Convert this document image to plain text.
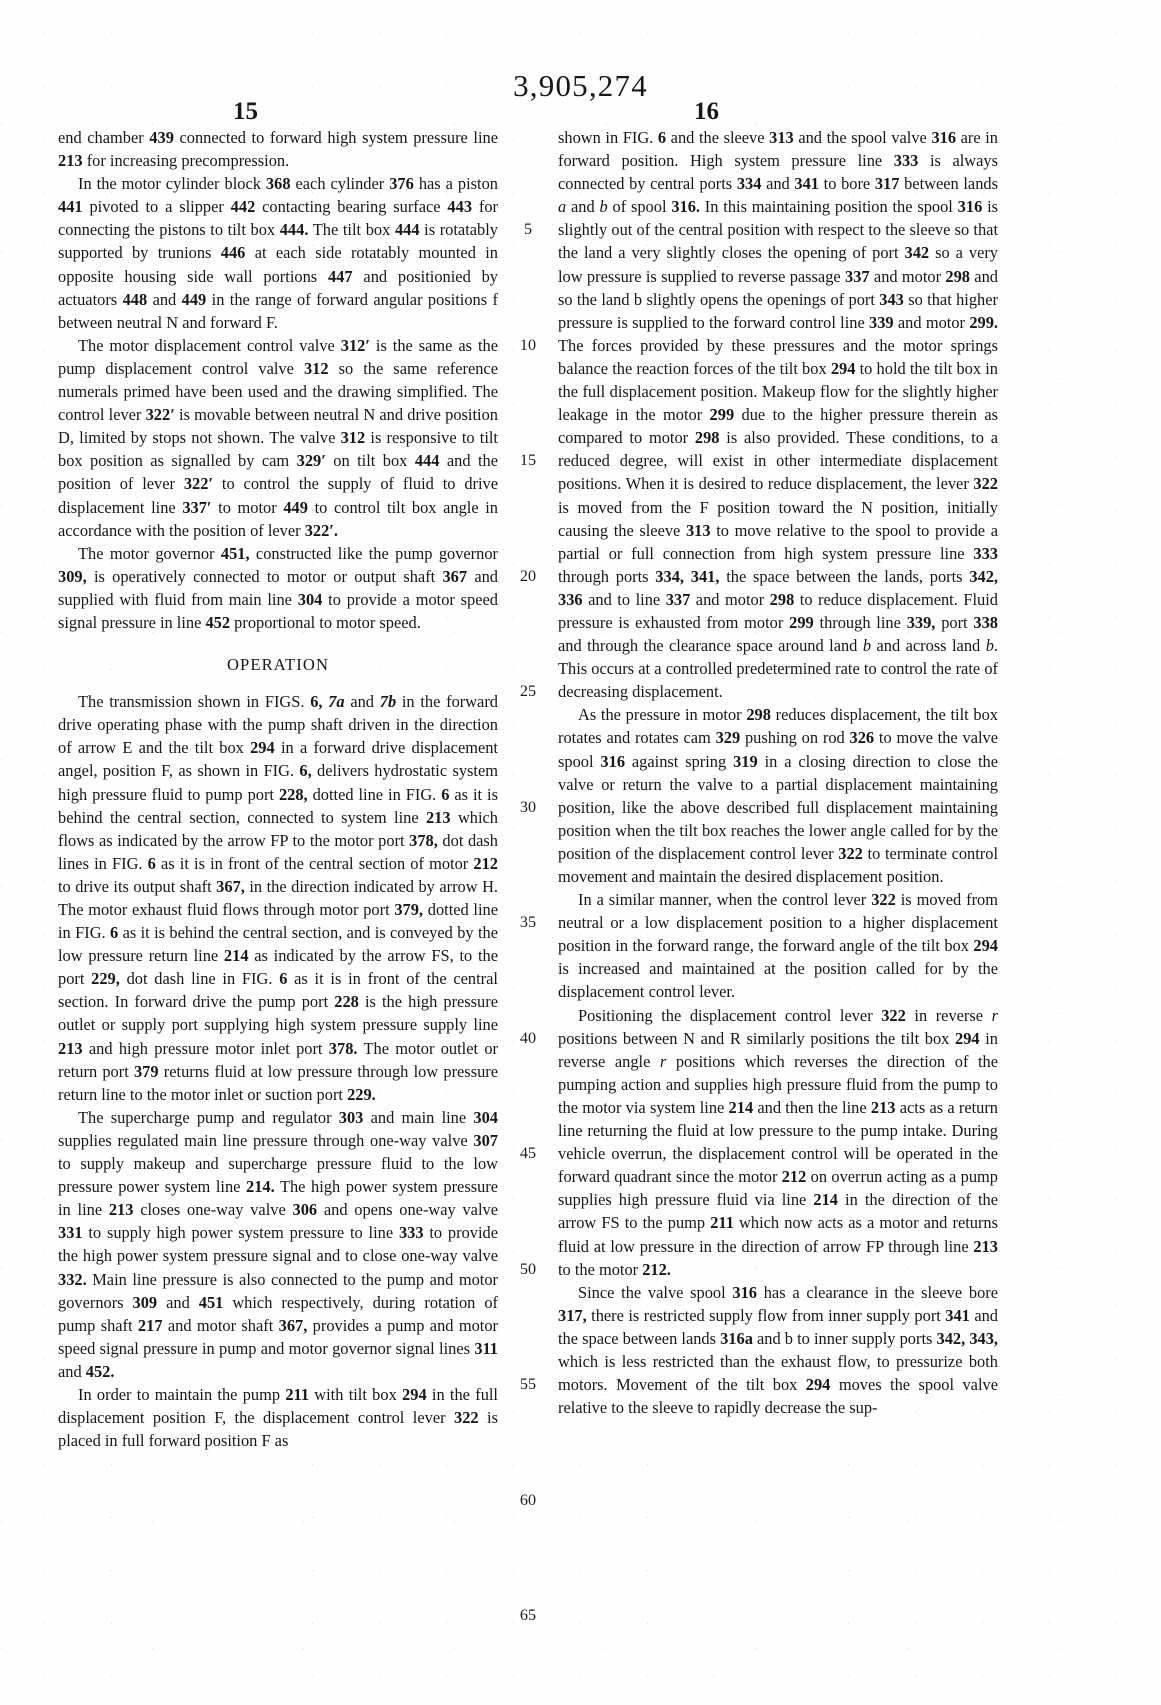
3,905,274
15	16

end chamber 439 connected to forward high system pressure line 213 for increasing precompression.

In the motor cylinder block 368 each cylinder 376 has a piston 441 pivoted to a slipper 442 contacting bearing surface 443 for connecting the pistons to tilt box 444. The tilt box 444 is rotatably supported by trunions 446 at each side rotatably mounted in opposite housing side wall portions 447 and positionied by actuators 448 and 449 in the range of forward angular positions f between neutral N and forward F.

The motor displacement control valve 312′ is the same as the pump displacement control valve 312 so the same reference numerals primed have been used and the drawing simplified. The control lever 322′ is movable between neutral N and drive position D, limited by stops not shown. The valve 312 is responsive to tilt box position as signalled by cam 329′ on tilt box 444 and the position of lever 322′ to control the supply of fluid to drive displacement line 337′ to motor 449 to control tilt box angle in accordance with the position of lever 322′.

The motor governor 451, constructed like the pump governor 309, is operatively connected to motor or output shaft 367 and supplied with fluid from main line 304 to provide a motor speed signal pressure in line 452 proportional to motor speed.

OPERATION

The transmission shown in FIGS. 6, 7a and 7b in the forward drive operating phase with the pump shaft driven in the direction of arrow E and the tilt box 294 in a forward drive displacement angel, position F, as shown in FIG. 6, delivers hydrostatic system high pressure fluid to pump port 228, dotted line in FIG. 6 as it is behind the central section, connected to system line 213 which flows as indicated by the arrow FP to the motor port 378, dot dash lines in FIG. 6 as it is in front of the central section of motor 212 to drive its output shaft 367, in the direction indicated by arrow H. The motor exhaust fluid flows through motor port 379, dotted line in FIG. 6 as it is behind the central section, and is conveyed by the low pressure return line 214 as indicated by the arrow FS, to the port 229, dot dash line in FIG. 6 as it is in front of the central section. In forward drive the pump port 228 is the high pressure outlet or supply port supplying high system pressure supply line 213 and high pressure motor inlet port 378. The motor outlet or return port 379 returns fluid at low pressure through low pressure return line to the motor inlet or suction port 229.

The supercharge pump and regulator 303 and main line 304 supplies regulated main line pressure through one-way valve 307 to supply makeup and supercharge pressure fluid to the low pressure power system line 214. The high power system pressure in line 213 closes one-way valve 306 and opens one-way valve 331 to supply high power system pressure to line 333 to provide the high power system pressure signal and to close one-way valve 332. Main line pressure is also connected to the pump and motor governors 309 and 451 which respectively, during rotation of pump shaft 217 and motor shaft 367, provides a pump and motor speed signal pressure in pump and motor governor signal lines 311 and 452.

In order to maintain the pump 211 with tilt box 294 in the full displacement position F, the displacement control lever 322 is placed in full forward position F as

5
10
15
20
25
30
35
40
45
50
55
60
65

shown in FIG. 6 and the sleeve 313 and the spool valve 316 are in forward position. High system pressure line 333 is always connected by central ports 334 and 341 to bore 317 between lands a and b of spool 316. In this maintaining position the spool 316 is slightly out of the central position with respect to the sleeve so that the land a very slightly closes the opening of port 342 so a very low pressure is supplied to reverse passage 337 and motor 298 and so the land b slightly opens the openings of port 343 so that higher pressure is supplied to the forward control line 339 and motor 299. The forces provided by these pressures and the motor springs balance the reaction forces of the tilt box 294 to hold the tilt box in the full displacement position. Makeup flow for the slightly higher leakage in the motor 299 due to the higher pressure therein as compared to motor 298 is also provided. These conditions, to a reduced degree, will exist in other intermediate displacement positions. When it is desired to reduce displacement, the lever 322 is moved from the F position toward the N position, initially causing the sleeve 313 to move relative to the spool to provide a partial or full connection from high system pressure line 333 through ports 334, 341, the space between the lands, ports 342, 336 and to line 337 and motor 298 to reduce displacement. Fluid pressure is exhausted from motor 299 through line 339, port 338 and through the clearance space around land b and across land b. This occurs at a controlled predetermined rate to control the rate of decreasing displacement.

As the pressure in motor 298 reduces displacement, the tilt box rotates and rotates cam 329 pushing on rod 326 to move the valve spool 316 against spring 319 in a closing direction to close the valve or return the valve to a partial displacement maintaining position, like the above described full displacement maintaining position when the tilt box reaches the lower angle called for by the position of the displacement control lever 322 to terminate control movement and maintain the desired displacement position.

In a similar manner, when the control lever 322 is moved from neutral or a low displacement position to a higher displacement position in the forward range, the forward angle of the tilt box 294 is increased and maintained at the position called for by the displacement control lever.

Positioning the displacement control lever 322 in reverse r positions between N and R similarly positions the tilt box 294 in reverse angle r positions which reverses the direction of the pumping action and supplies high pressure fluid from the pump to the motor via system line 214 and then the line 213 acts as a return line returning the fluid at low pressure to the pump intake. During vehicle overrun, the displacement control will be operated in the forward quadrant since the motor 212 on overrun acting as a pump supplies high pressure fluid via line 214 in the direction of the arrow FS to the pump 211 which now acts as a motor and returns fluid at low pressure in the direction of arrow FP through line 213 to the motor 212.

Since the valve spool 316 has a clearance in the sleeve bore 317, there is restricted supply flow from inner supply port 341 and the space between lands 316a and b to inner supply ports 342, 343, which is less restricted than the exhaust flow, to pressurize both motors. Movement of the tilt box 294 moves the spool valve relative to the sleeve to rapidly decrease the sup-
